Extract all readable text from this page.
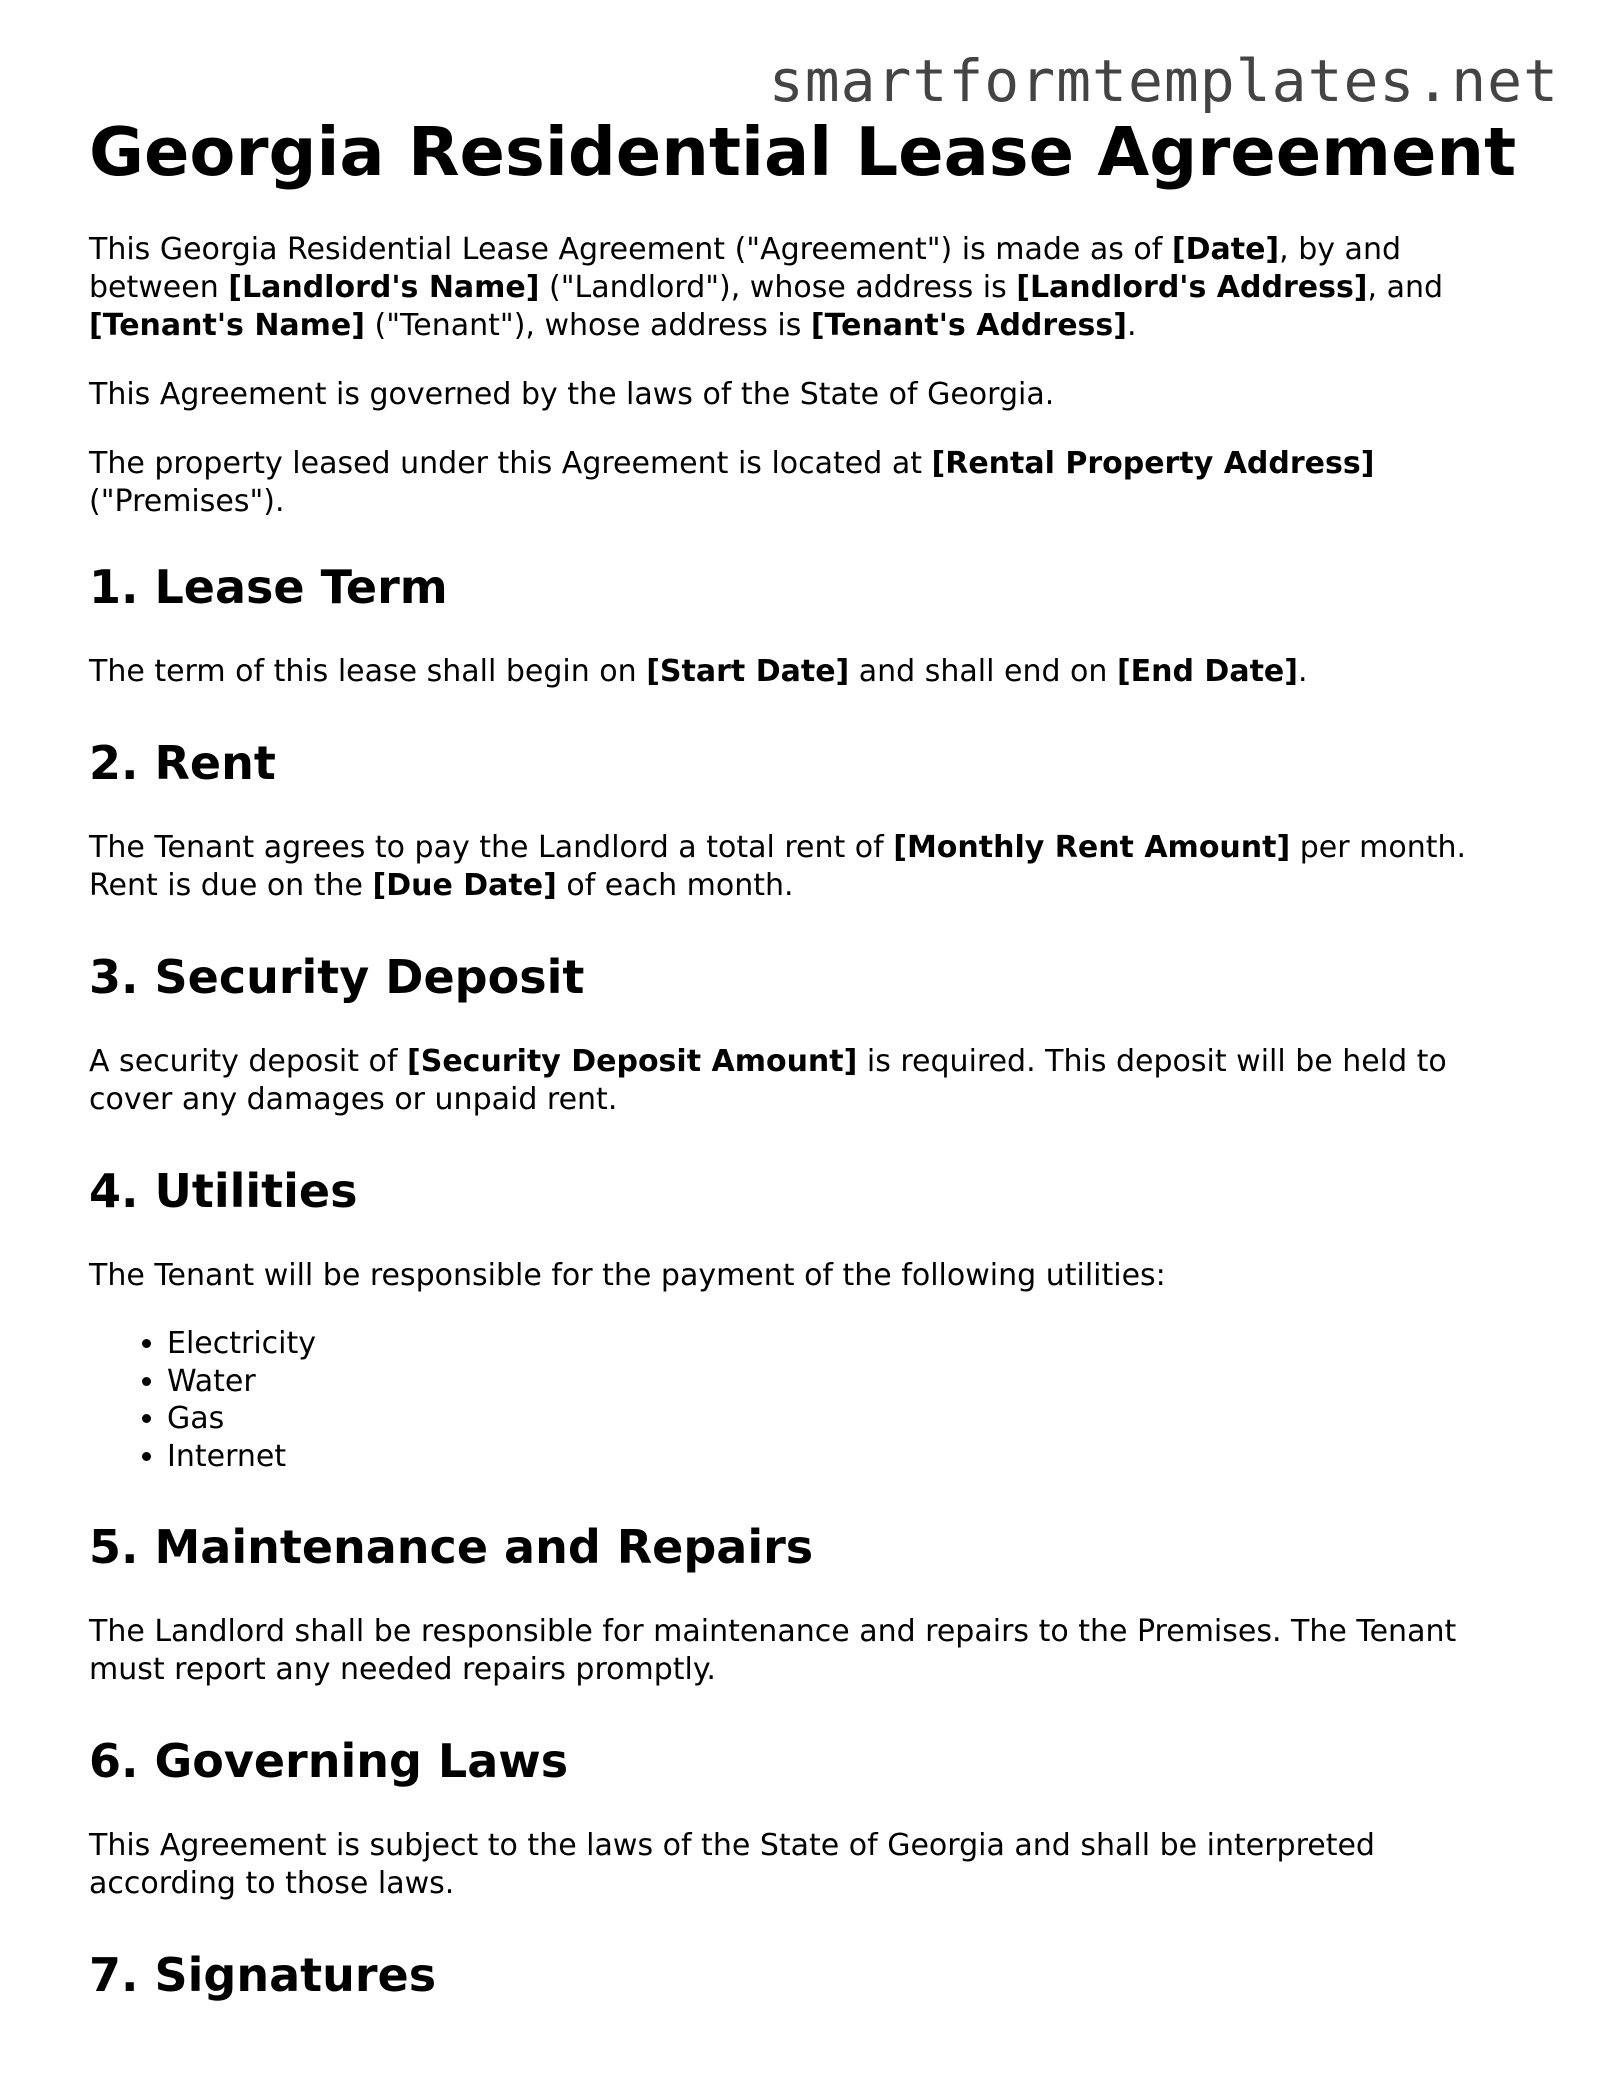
smartformtemplates.net
Georgia Residential Lease Agreement

This Georgia Residential Lease Agreement ("Agreement") is made as of [Date], by and between [Landlord's Name] ("Landlord"), whose address is [Landlord's Address], and [Tenant's Name] ("Tenant"), whose address is [Tenant's Address].

This Agreement is governed by the laws of the State of Georgia.

The property leased under this Agreement is located at [Rental Property Address] ("Premises").

1. Lease Term

The term of this lease shall begin on [Start Date] and shall end on [End Date].

2. Rent

The Tenant agrees to pay the Landlord a total rent of [Monthly Rent Amount] per month. Rent is due on the [Due Date] of each month.

3. Security Deposit

A security deposit of [Security Deposit Amount] is required. This deposit will be held to cover any damages or unpaid rent.

4. Utilities

The Tenant will be responsible for the payment of the following utilities:

• Electricity
• Water
• Gas
• Internet
5. Maintenance and Repairs

The Landlord shall be responsible for maintenance and repairs to the Premises. The Tenant must report any needed repairs promptly.

6. Governing Laws

This Agreement is subject to the laws of the State of Georgia and shall be interpreted according to those laws.

7. Signatures
